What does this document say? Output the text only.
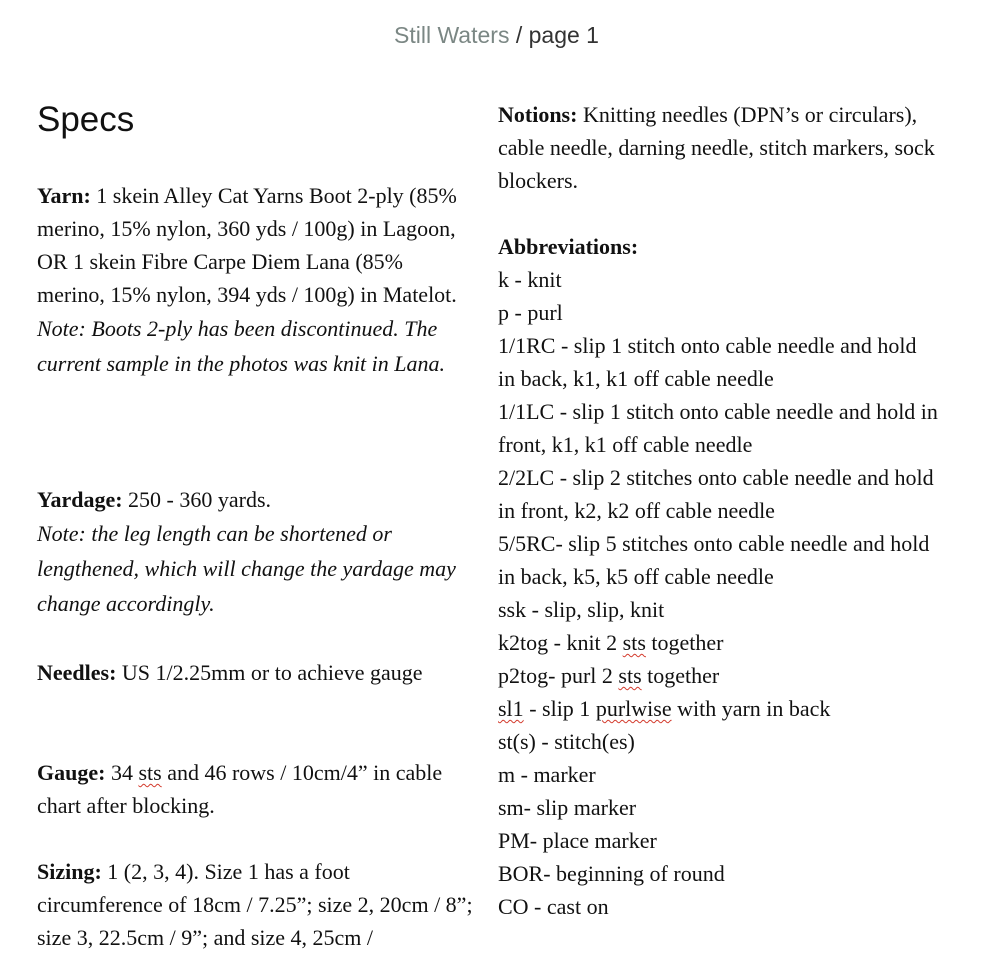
Still Waters / page 1
Specs

Yarn: 1 skein Alley Cat Yarns Boot 2-ply (85% merino, 15% nylon, 360 yds / 100g) in Lagoon, OR 1 skein Fibre Carpe Diem Lana (85% merino, 15% nylon, 394 yds / 100g) in Matelot.
Note: Boots 2-ply has been discontinued. The current sample in the photos was knit in Lana.

Yardage: 250 - 360 yards.
Note: the leg length can be shortened or lengthened, which will change the yardage may change accordingly.

Needles: US 1/2.25mm or to achieve gauge

Gauge: 34 sts and 46 rows / 10cm/4” in cable chart after blocking.

Sizing: 1 (2, 3, 4). Size 1 has a foot circumference of 18cm / 7.25”; size 2, 20cm / 8”; size 3, 22.5cm / 9”; and size 4, 25cm /

Notions: Knitting needles (DPN’s or circulars), cable needle, darning needle, stitch markers, sock blockers.

Abbreviations:
k - knit
p - purl
1/1RC - slip 1 stitch onto cable needle and hold in back, k1, k1 off cable needle
1/1LC - slip 1 stitch onto cable needle and hold in front, k1, k1 off cable needle
2/2LC - slip 2 stitches onto cable needle and hold in front, k2, k2 off cable needle
5/5RC- slip 5 stitches onto cable needle and hold in back, k5, k5 off cable needle
ssk - slip, slip, knit
k2tog - knit 2 sts together
p2tog- purl 2 sts together
sl1 - slip 1 purlwise with yarn in back
st(s) - stitch(es)
m - marker
sm- slip marker
PM- place marker
BOR- beginning of round
CO - cast on
